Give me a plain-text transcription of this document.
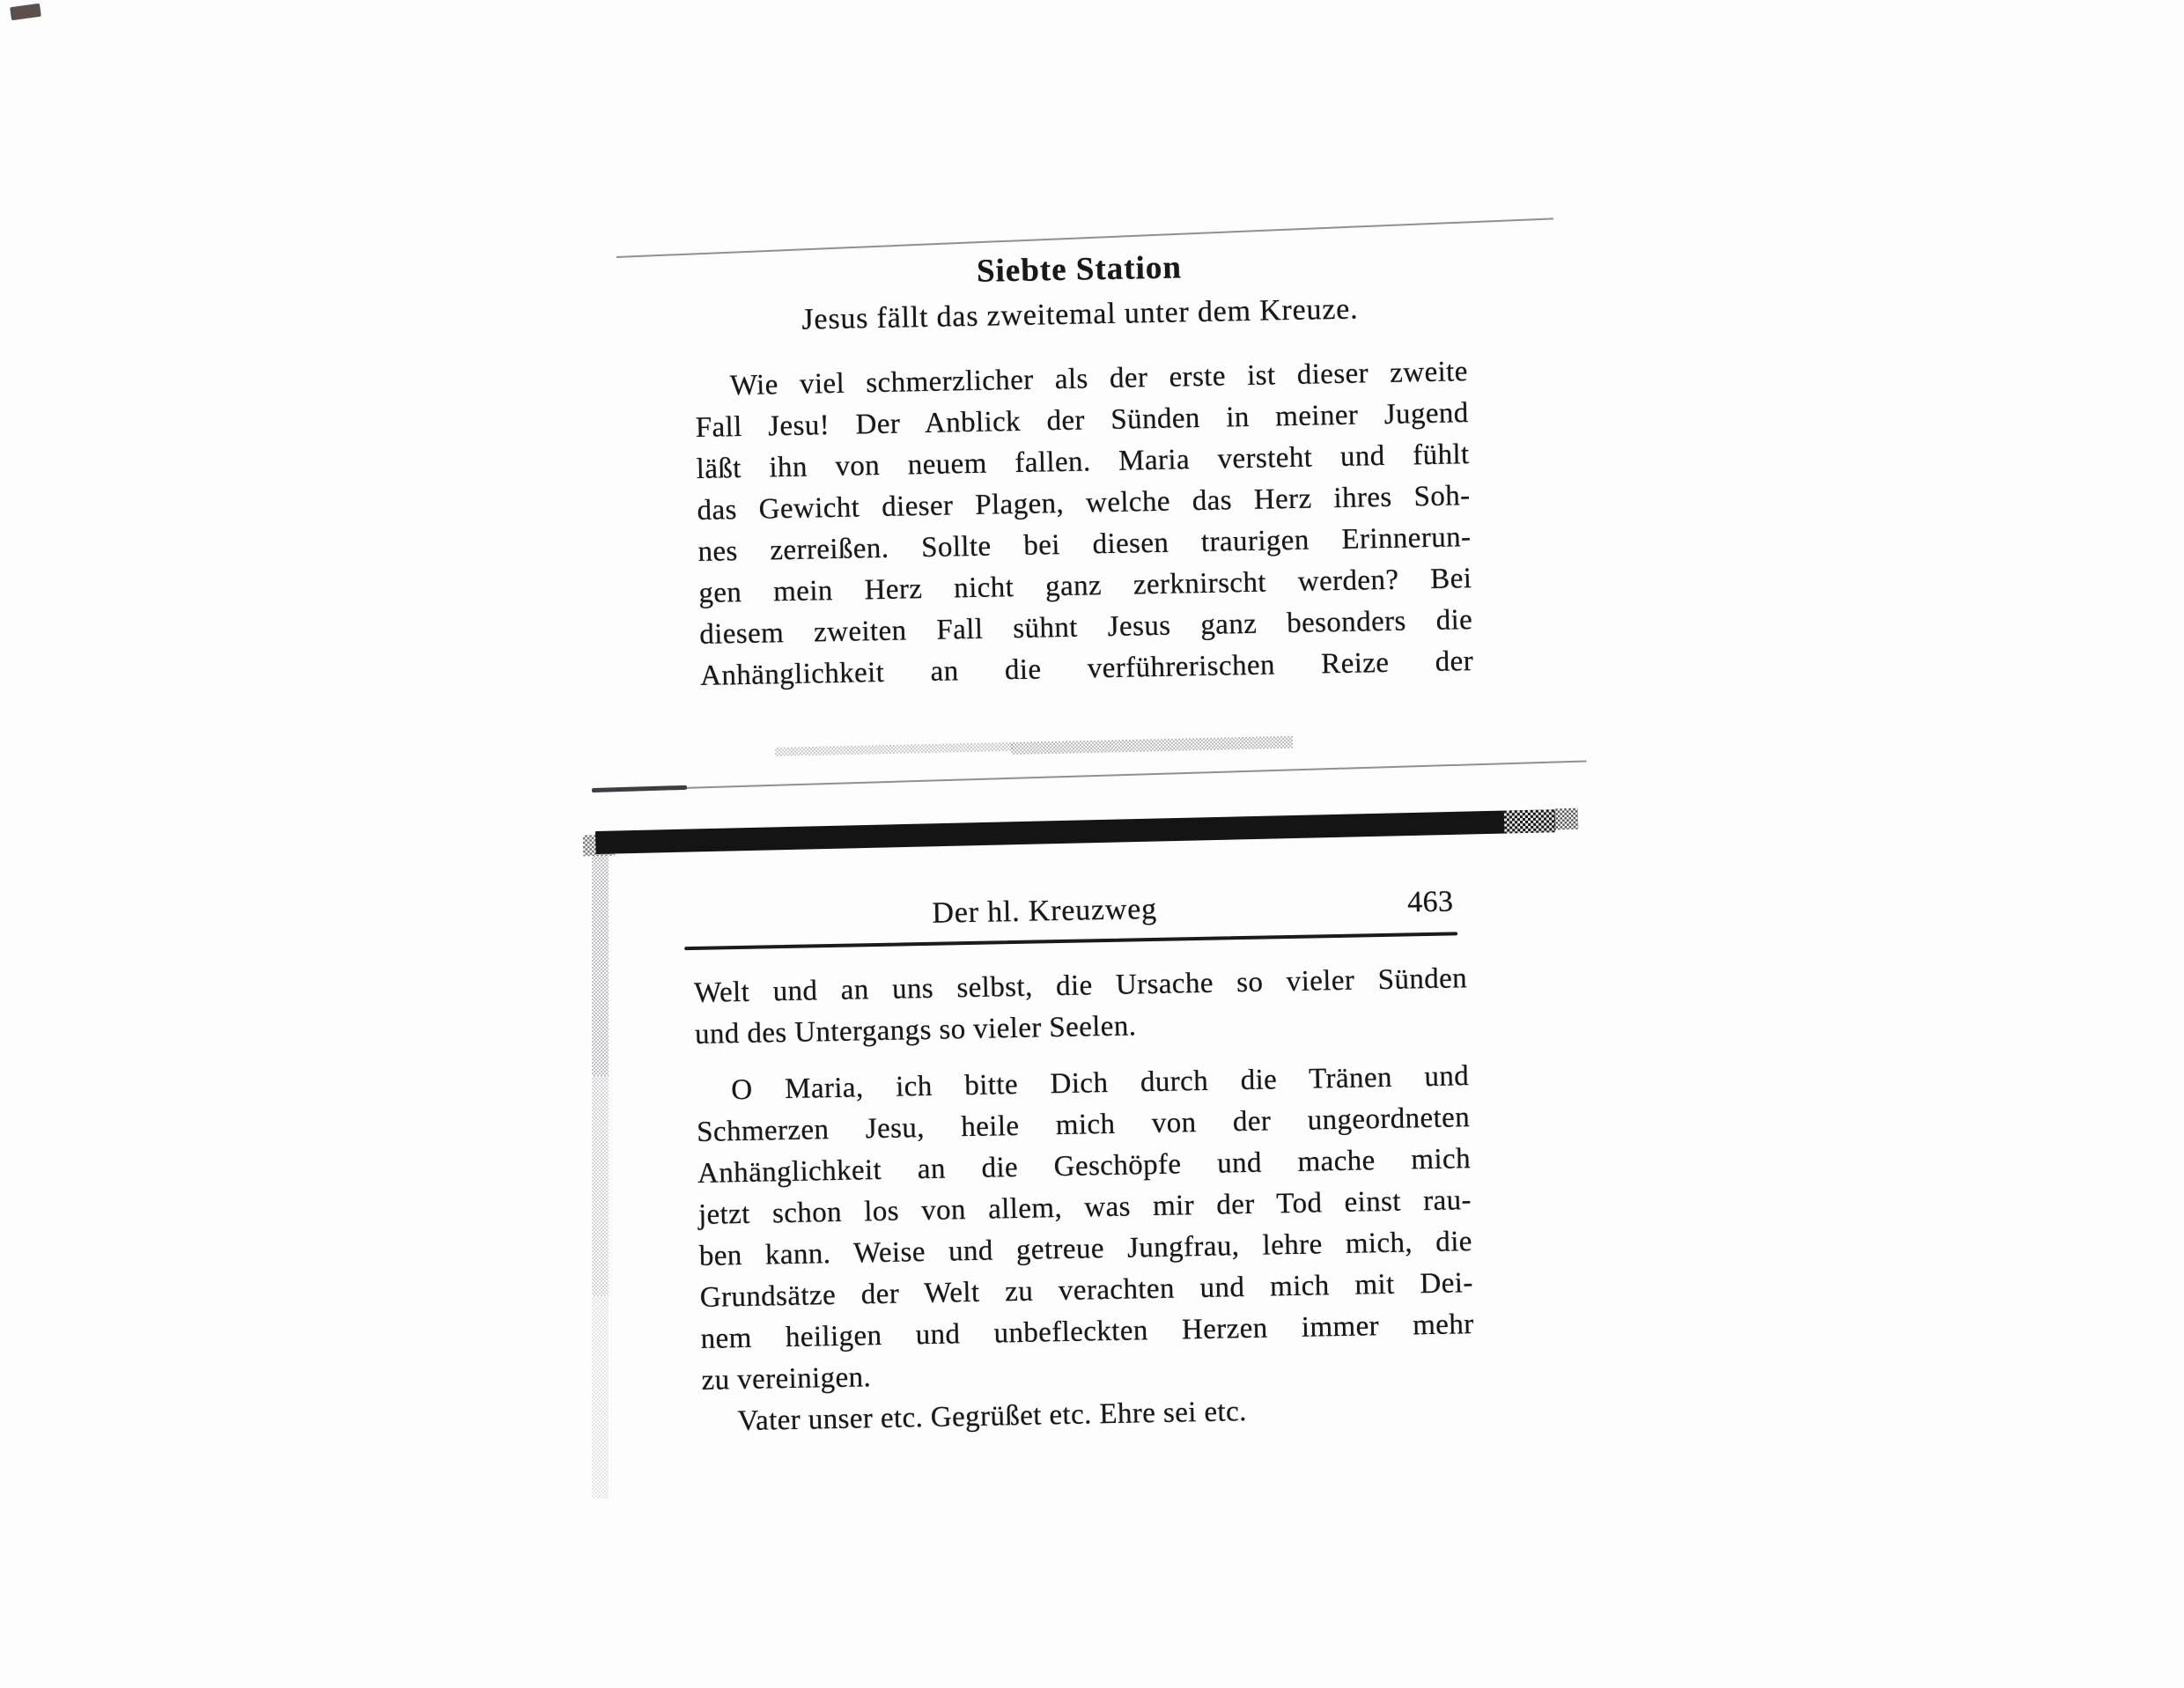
Siebte Station
Jesus fällt das zweitemal unter dem Kreuze.
Wie viel schmerzlicher als der erste ist dieser zweite
Fall Jesu! Der Anblick der Sünden in meiner Jugend
läßt ihn von neuem fallen. Maria versteht und fühlt
das Gewicht dieser Plagen, welche das Herz ihres Soh-
nes zerreißen. Sollte bei diesen traurigen Erinnerun-
gen mein Herz nicht ganz zerknirscht werden? Bei
diesem zweiten Fall sühnt Jesus ganz besonders die
Anhänglichkeit an die verführerischen Reize der
Der hl. Kreuzweg	463
Welt und an uns selbst, die Ursache so vieler Sünden
und des Untergangs so vieler Seelen.
O Maria, ich bitte Dich durch die Tränen und
Schmerzen Jesu, heile mich von der ungeordneten
Anhänglichkeit an die Geschöpfe und mache mich
jetzt schon los von allem, was mir der Tod einst rau-
ben kann. Weise und getreue Jungfrau, lehre mich, die
Grundsätze der Welt zu verachten und mich mit Dei-
nem heiligen und unbefleckten Herzen immer mehr
zu vereinigen.
Vater unser etc. Gegrüßet etc. Ehre sei etc.
